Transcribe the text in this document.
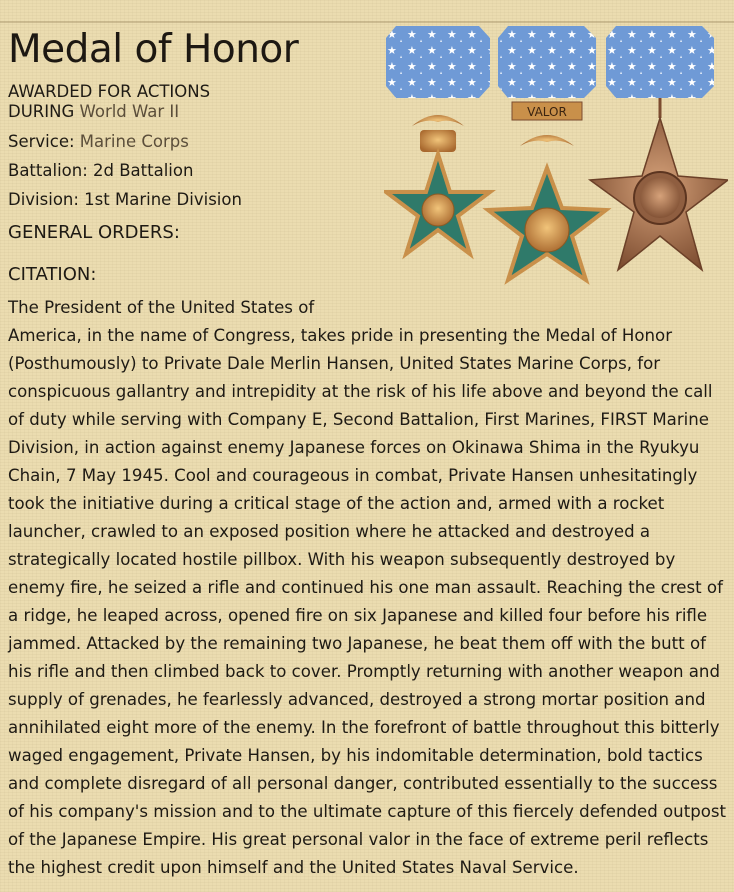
Medal of Honor
AWARDED FOR ACTIONS DURING World War II
Service: Marine Corps
Battalion: 2d Battalion
Division: 1st Marine Division
GENERAL ORDERS:
CITATION:
The President of the United States of
America, in the name of Congress, takes pride in presenting the Medal of Honor (Posthumously) to Private Dale Merlin Hansen, United States Marine Corps, for conspicuous gallantry and intrepidity at the risk of his life above and beyond the call of duty while serving with Company E, Second Battalion, First Marines, FIRST Marine Division, in action against enemy Japanese forces on Okinawa Shima in the Ryukyu Chain, 7 May 1945. Cool and courageous in combat, Private Hansen unhesitatingly took the initiative during a critical stage of the action and, armed with a rocket launcher, crawled to an exposed position where he attacked and destroyed a strategically located hostile pillbox. With his weapon subsequently destroyed by enemy fire, he seized a rifle and continued his one man assault. Reaching the crest of a ridge, he leaped across, opened fire on six Japanese and killed four before his rifle jammed. Attacked by the remaining two Japanese, he beat them off with the butt of his rifle and then climbed back to cover. Promptly returning with another weapon and supply of grenades, he fearlessly advanced, destroyed a strong mortar position and annihilated eight more of the enemy. In the forefront of battle throughout this bitterly waged engagement, Private Hansen, by his indomitable determination, bold tactics and complete disregard of all personal danger, contributed essentially to the success of his company's mission and to the ultimate capture of this fiercely defended outpost of the Japanese Empire. His great personal valor in the face of extreme peril reflects the highest credit upon himself and the United States Naval Service.
VALOR
